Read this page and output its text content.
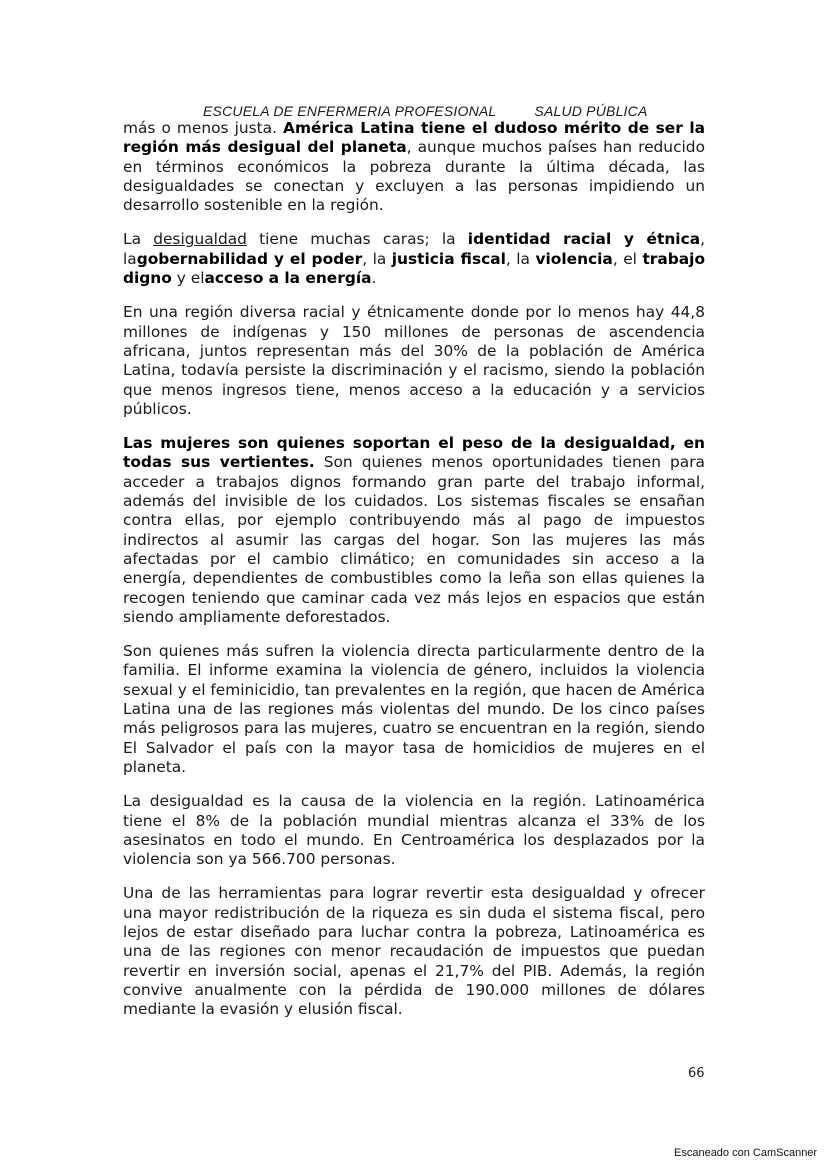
ESCUELA DE ENFERMERIA PROFESIONAL	SALUD PÚBLICA

más o menos justa. América Latina tiene el dudoso mérito de ser la región más desigual del planeta, aunque muchos países han reducido en términos económicos la pobreza durante la última década, las desigualdades se conectan y excluyen a las personas impidiendo un desarrollo sostenible en la región.

La desigualdad tiene muchas caras; la identidad racial y étnica, lagobernabilidad y el poder, la justicia fiscal, la violencia, el trabajo digno y elacceso a la energía.

En una región diversa racial y étnicamente donde por lo menos hay 44,8 millones de indígenas y 150 millones de personas de ascendencia africana, juntos representan más del 30% de la población de América Latina, todavía persiste la discriminación y el racismo, siendo la población que menos ingresos tiene, menos acceso a la educación y a servicios públicos.

Las mujeres son quienes soportan el peso de la desigualdad, en todas sus vertientes. Son quienes menos oportunidades tienen para acceder a trabajos dignos formando gran parte del trabajo informal, además del invisible de los cuidados. Los sistemas fiscales se ensañan contra ellas, por ejemplo contribuyendo más al pago de impuestos indirectos al asumir las cargas del hogar. Son las mujeres las más afectadas por el cambio climático; en comunidades sin acceso a la energía, dependientes de combustibles como la leña son ellas quienes la recogen teniendo que caminar cada vez más lejos en espacios que están siendo ampliamente deforestados.

Son quienes más sufren la violencia directa particularmente dentro de la familia. El informe examina la violencia de género, incluidos la violencia sexual y el feminicidio, tan prevalentes en la región, que hacen de América Latina una de las regiones más violentas del mundo. De los cinco países más peligrosos para las mujeres, cuatro se encuentran en la región, siendo El Salvador el país con la mayor tasa de homicidios de mujeres en el planeta.

La desigualdad es la causa de la violencia en la región. Latinoamérica tiene el 8% de la población mundial mientras alcanza el 33% de los asesinatos en todo el mundo. En Centroamérica los desplazados por la violencia son ya 566.700 personas.

Una de las herramientas para lograr revertir esta desigualdad y ofrecer una mayor redistribución de la riqueza es sin duda el sistema fiscal, pero lejos de estar diseñado para luchar contra la pobreza, Latinoamérica es una de las regiones con menor recaudación de impuestos que puedan revertir en inversión social, apenas el 21,7% del PIB. Además, la región convive anualmente con la pérdida de 190.000 millones de dólares mediante la evasión y elusión fiscal.

66
Escaneado con CamScanner
